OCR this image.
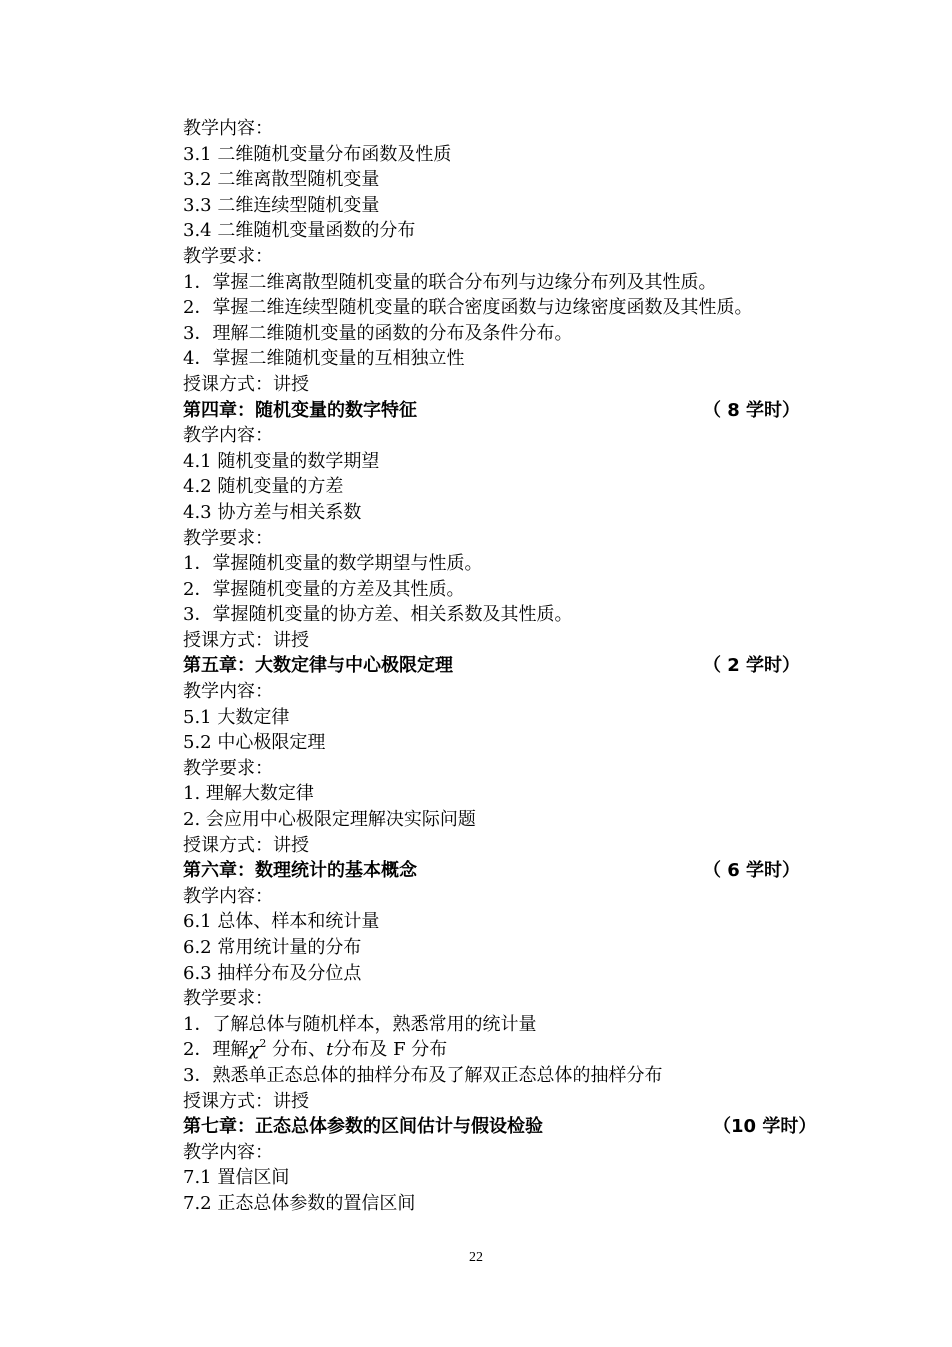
教学内容：
3.1 二维随机变量分布函数及性质
3.2 二维离散型随机变量
3.3 二维连续型随机变量
3.4 二维随机变量函数的分布
教学要求：
1．掌握二维离散型随机变量的联合分布列与边缘分布列及其性质。
2．掌握二维连续型随机变量的联合密度函数与边缘密度函数及其性质。
3．理解二维随机变量的函数的分布及条件分布。
4．掌握二维随机变量的互相独立性
授课方式：讲授
第四章：随机变量的数字特征	（ 8 学时）
教学内容：
4.1 随机变量的数学期望
4.2 随机变量的方差
4.3 协方差与相关系数
教学要求：
1．掌握随机变量的数学期望与性质。
2．掌握随机变量的方差及其性质。
3．掌握随机变量的协方差、相关系数及其性质。
授课方式：讲授
第五章：大数定律与中心极限定理	（ 2 学时）
教学内容：
5.1 大数定律
5.2 中心极限定理
教学要求：
1. 理解大数定律
2. 会应用中心极限定理解决实际问题
授课方式：讲授
第六章：数理统计的基本概念	（ 6 学时）
教学内容：
6.1 总体、样本和统计量
6.2 常用统计量的分布
6.3 抽样分布及分位点
教学要求：
1．了解总体与随机样本，熟悉常用的统计量
2．理解$\chi^2$ 分布、t分布及 F 分布
3．熟悉单正态总体的抽样分布及了解双正态总体的抽样分布
授课方式：讲授
第七章：正态总体参数的区间估计与假设检验	（10 学时）
教学内容：
7.1 置信区间
7.2 正态总体参数的置信区间
22
